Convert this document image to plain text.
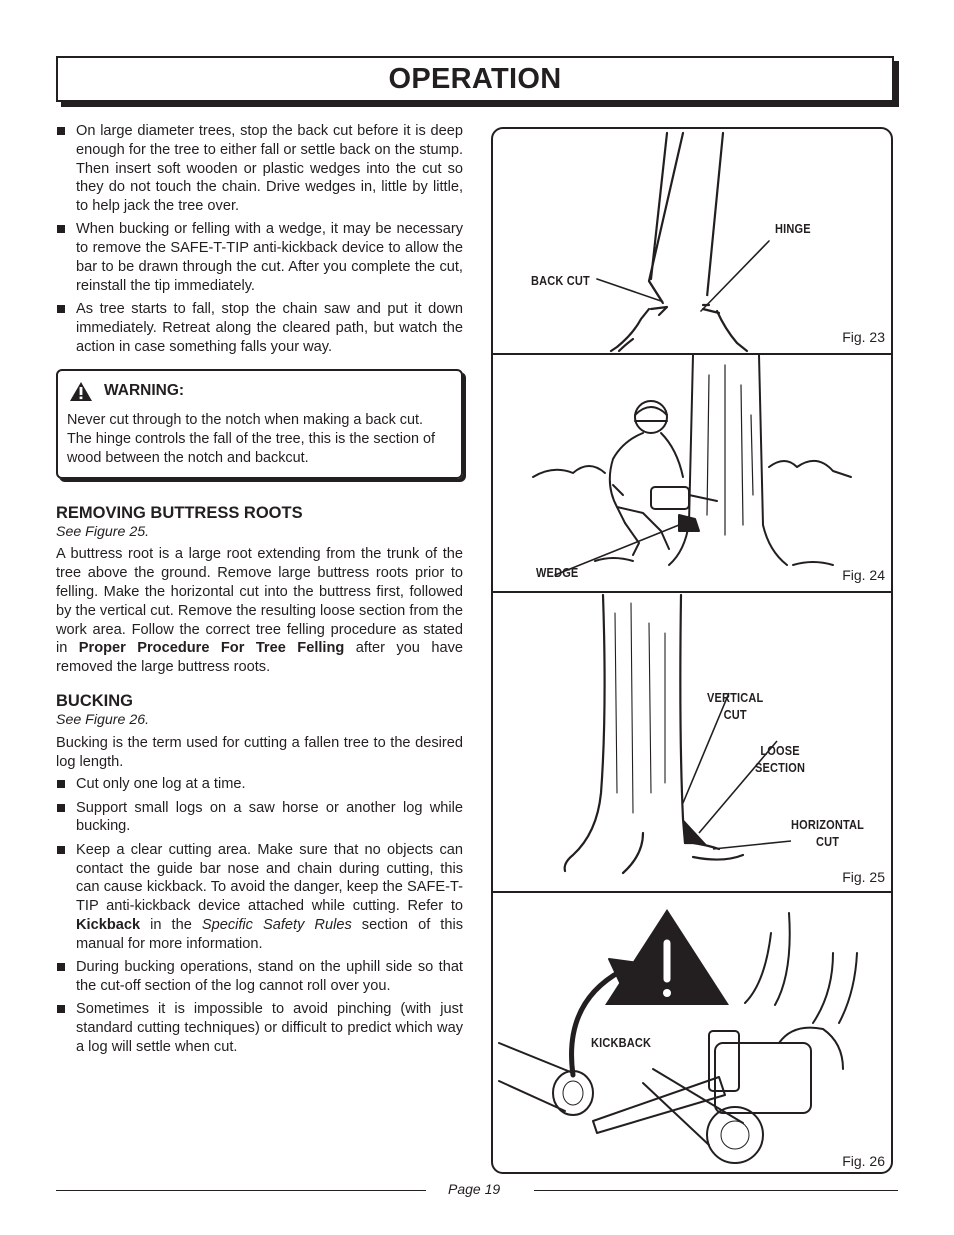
OPERATION
On large diameter trees, stop the back cut before it is deep enough for the tree to either fall or settle back on the stump. Then insert soft wooden or plastic wedges into the cut so they do not touch the chain. Drive wedges in, little by little, to help jack the tree over.
When bucking or felling with a wedge, it may be necessary to remove the SAFE-T-TIP anti-kickback device to allow the bar to be drawn through the cut. After you complete the cut, reinstall the tip immediately.
As tree starts to fall, stop the chain saw and put it down immediately. Retreat along the cleared path, but watch the action in case something falls your way.
WARNING:

Never cut through to the notch when making a back cut. The hinge controls the fall of the tree, this is the section of wood between the notch and backcut.

REMOVING BUTTRESS ROOTS

See Figure 25.

A buttress root is a large root extending from the trunk of the tree above the ground. Remove large buttress roots prior to felling. Make the horizontal cut into the buttress first, followed by the vertical cut. Remove the resulting loose section from the work area. Follow the correct tree felling procedure as stated in Proper Procedure For Tree Felling after you have removed the large buttress roots.

BUCKING

See Figure 26.

Bucking is the term used for cutting a fallen tree to the desired log length.

Cut only one log at a time.
Support small logs on a saw horse or another log while bucking.
Keep a clear cutting area. Make sure that no objects can contact the guide bar nose and chain during cutting, this can cause kickback. To avoid the danger, keep the SAFE-T-TIP anti-kickback device attached while cutting. Refer to Kickback in the Specific Safety Rules section of this manual for more information.
During bucking operations, stand on the uphill side so that the cut-off section of the log cannot roll over you.
Sometimes it is impossible to avoid pinching (with just standard cutting techniques) or difficult to predict which way a log will settle when cut.
HINGE
BACK CUT
Fig. 23
Fig. 24
WEDGE
Fig. 25
VERTICAL
CUT
LOOSE
SECTION
HORIZONTAL
CUT
KICKBACK
Fig. 26
Page 19
